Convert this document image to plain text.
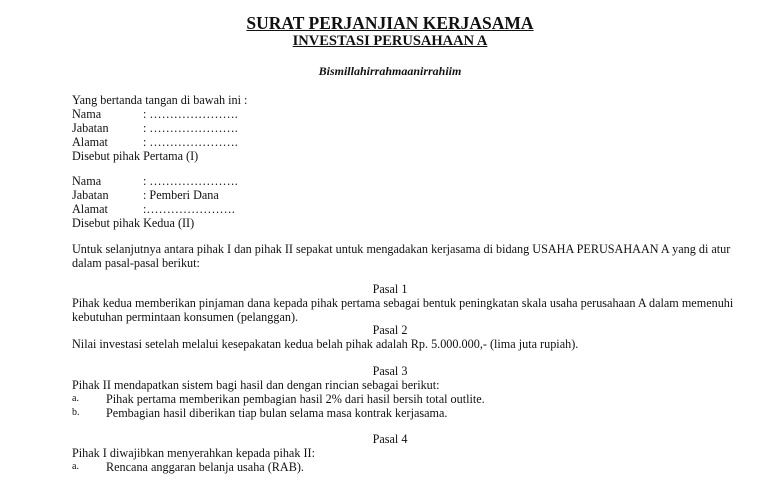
SURAT PERJANJIAN KERJASAMA
INVESTASI PERUSAHAAN A
Bismillahirrahmaanirrahiim
Yang bertanda tangan di bawah ini :
Nama	: ………………….
Jabatan	: ………………….
Alamat	: ………………….
Disebut pihak Pertama (I)
Nama	: ………………….
Jabatan	: Pemberi Dana
Alamat	:………………….
Disebut pihak Kedua (II)
Untuk selanjutnya antara pihak I dan pihak II sepakat untuk mengadakan kerjasama di bidang USAHA PERUSAHAAN A yang di atur
dalam pasal-pasal berikut:
Pasal 1
Pihak kedua memberikan pinjaman dana kepada pihak pertama sebagai bentuk peningkatan skala usaha perusahaan A dalam memenuhi
kebutuhan permintaan konsumen (pelanggan).
Pasal 2
Nilai investasi setelah melalui kesepakatan kedua belah pihak adalah Rp. 5.000.000,- (lima juta rupiah).
Pasal 3
Pihak II mendapatkan sistem bagi hasil dan dengan rincian sebagai berikut:
a. Pihak pertama memberikan pembagian hasil 2% dari hasil bersih total outlite.
b. Pembagian hasil diberikan tiap bulan selama masa kontrak kerjasama.
Pasal 4
Pihak I diwajibkan menyerahkan kepada pihak II:
a. Rencana anggaran belanja usaha (RAB).
